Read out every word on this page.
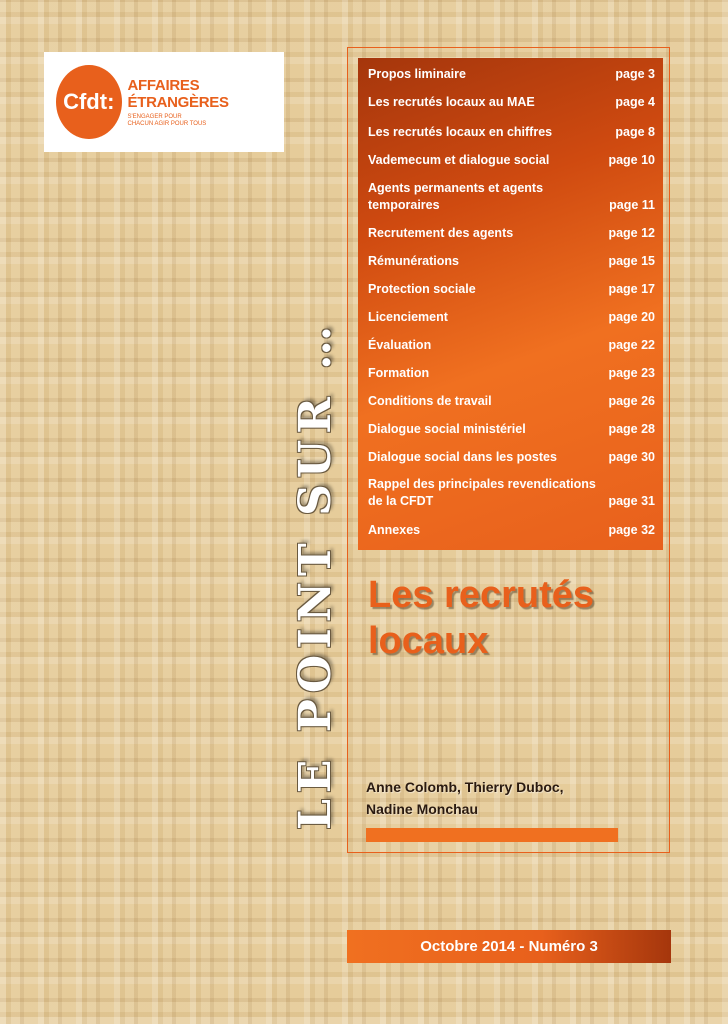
Cfdt:
AFFAIRES ÉTRANGÈRES
S'ENGAGER POUR CHACUN AGIR POUR TOUS
LE POINT SUR …
Propos liminaire	page 3
Les recrutés locaux au MAE	page 4
Les recrutés locaux en chiffres	page 8
Vademecum et dialogue social	page 10
Agents permanents et agents temporaires	page 11
Recrutement des agents	page 12
Rémunérations	page 15
Protection sociale	page 17
Licenciement	page 20
Évaluation	page 22
Formation	page 23
Conditions de travail	page 26
Dialogue social ministériel	page 28
Dialogue social dans les postes	page 30
Rappel des principales revendications de la CFDT	page 31
Annexes	page 32
Les recrutés
locaux
Anne Colomb, Thierry Duboc,
Nadine Monchau
Octobre 2014 - Numéro 3
